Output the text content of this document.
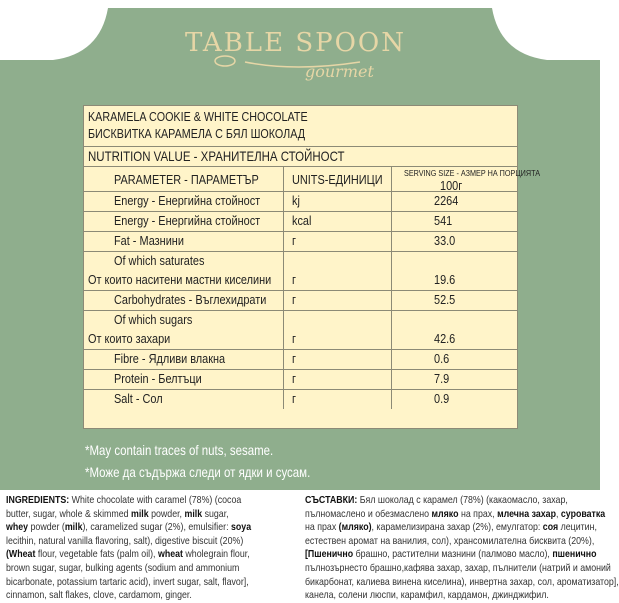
TABLE SPOON
gourmet
KARAMELA COOKIE & WHITE CHOCOLATE
БИСКВИТКА КАРАМЕЛА С БЯЛ ШОКОЛАД
NUTRITION VALUE - ХРАНИТЕЛНА СТОЙНОСТ
PARAMETER - ПАРАМЕТЪР	UNITS-ЕДИНИЦИ	SERVING SIZE - АЗМЕР НА ПОРЦИЯТА
100г
Energy - Енергийна стойност kj	2264
Energy - Енергийна стойност kcal	541
Fat - Мазнини	г	33.0
Of which saturates
От които наситени мастни киселини г	19.6
Carbohydrates - Въглехидрати г	52.5
Of which sugars
От които захари	г	42.6
Fibre - Ядливи влакна	г	0.6
Protein - Белтъци	г	7.9
Salt - Сол	г	0.9
*May contain traces of nuts, sesame.
*Може да съдържа следи от ядки и сусам.
INGREDIENTS: White chocolate with caramel (78%) (cocoa
butter, sugar, whole & skimmed milk powder, milk sugar,
whey powder (milk), caramelized sugar (2%), emulsifier: soya
lecithin, natural vanilla flavoring, salt), digestive biscuit (20%)
(Wheat flour, vegetable fats (palm oil), wheat wholegrain flour,
brown sugar, sugar, bulking agents (sodium and ammonium
bicarbonate, potassium tartaric acid), invert sugar, salt, flavor],
cinnamon, salt flakes, clove, cardamom, ginger.
СЪСТАВКИ: Бял шоколад с карамел (78%) (какаомасло, захар,
пълномаслено и обезмаслено мляко на прах, млечна захар, суроватка
на прах (мляко), карамелизирана захар (2%), емулгатор: соя лецитин,
естествен аромат на ванилия, сол), хрансомилателна бисквита (20%),
[Пшенично брашно, растителни мазнини (палмово масло), пшенично
пълнозърнесто брашно,кафява захар, захар, пълнители (натрий и амоний
бикарбонат, калиева винена киселина), инвертна захар, сол, ароматизатор],
канела, солени люспи, карамфил, кардамон, джинджифил.
